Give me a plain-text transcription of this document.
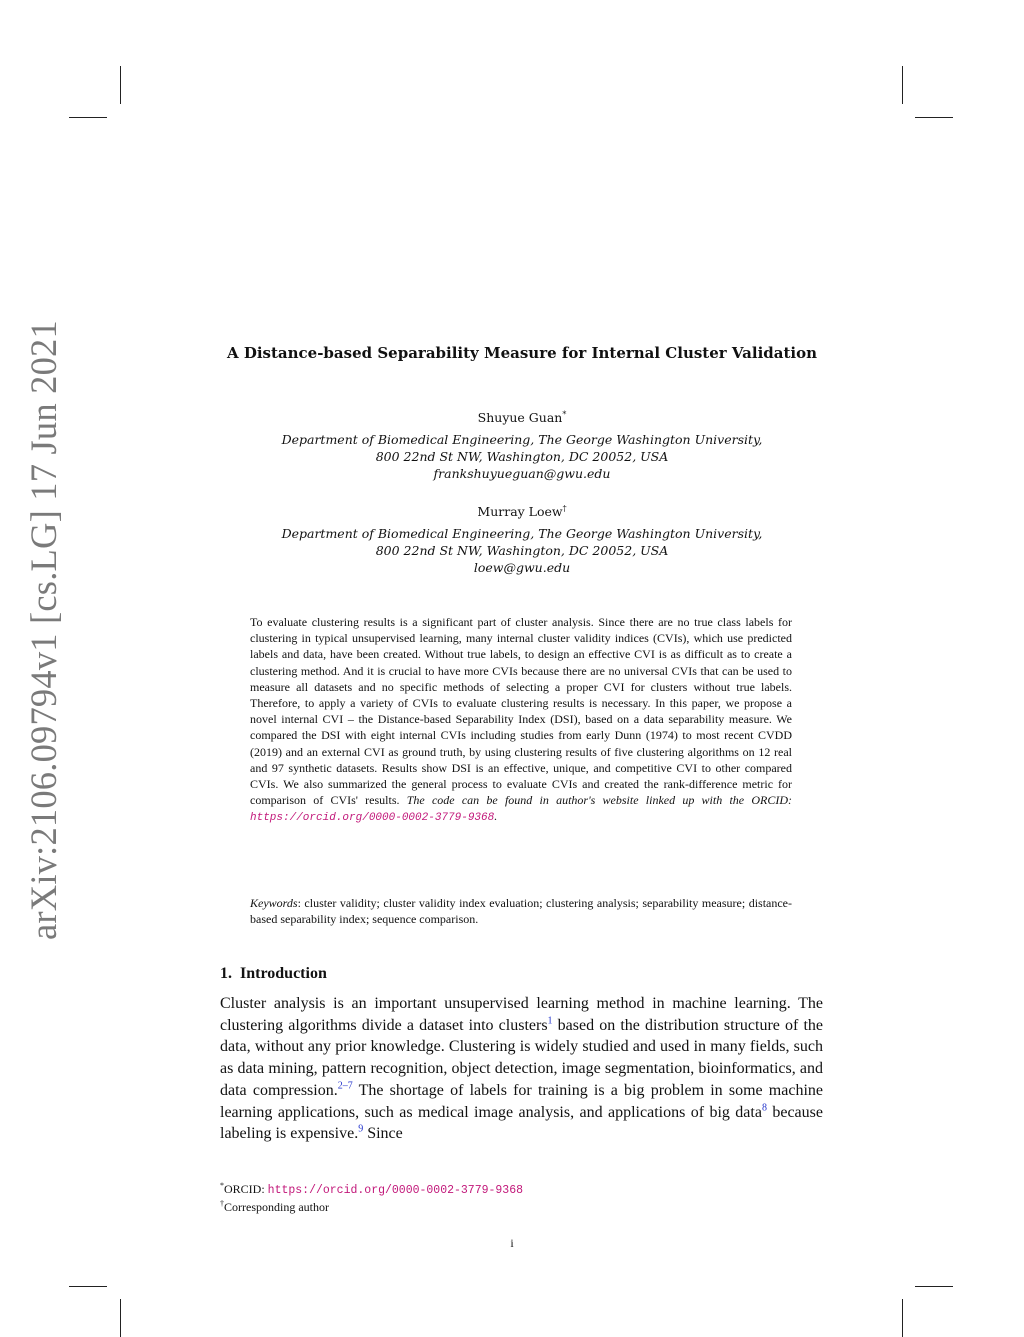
arXiv:2106.09794v1 [cs.LG] 17 Jun 2021	A Distance-based Separability Measure for Internal Cluster Validation
Shuyue Guan*
Department of Biomedical Engineering, The George Washington University,
800 22nd St NW, Washington, DC 20052, USA
frankshuyueguan@gwu.edu
Murray Loew†
Department of Biomedical Engineering, The George Washington University,
800 22nd St NW, Washington, DC 20052, USA
loew@gwu.edu
To evaluate clustering results is a significant part of cluster analysis. Since there are no true class labels for clustering in typical unsupervised learning, many internal cluster validity indices (CVIs), which use predicted labels and data, have been created. Without true labels, to design an effective CVI is as difficult as to create a clustering method. And it is crucial to have more CVIs because there are no universal CVIs that can be used to measure all datasets and no specific methods of selecting a proper CVI for clusters without true labels. Therefore, to apply a variety of CVIs to evaluate clustering results is necessary. In this paper, we propose a novel internal CVI – the Distance-based Separability Index (DSI), based on a data separability measure. We compared the DSI with eight internal CVIs including studies from early Dunn (1974) to most recent CVDD (2019) and an external CVI as ground truth, by using clustering results of five clustering algorithms on 12 real and 97 synthetic datasets. Results show DSI is an effective, unique, and competitive CVI to other compared CVIs. We also summarized the general process to evaluate CVIs and created the rank-difference metric for comparison of CVIs' results. The code can be found in author's website linked up with the ORCID: https://orcid.org/0000-0002-3779-9368.
Keywords: cluster validity; cluster validity index evaluation; clustering analysis; separability measure; distance-based separability index; sequence comparison.
1. Introduction
Cluster analysis is an important unsupervised learning method in machine learning. The clustering algorithms divide a dataset into clusters$^1$ based on the distribution structure of the data, without any prior knowledge. Clustering is widely studied and used in many fields, such as data mining, pattern recognition, object detection, image segmentation, bioinformatics, and data compression.$^{2-7}$ The shortage of labels for training is a big problem in some machine learning applications, such as medical image analysis, and applications of big data$^8$ because labeling is expensive.$^9$ Since
*ORCID: https://orcid.org/0000-0002-3779-9368
†Corresponding author
i
